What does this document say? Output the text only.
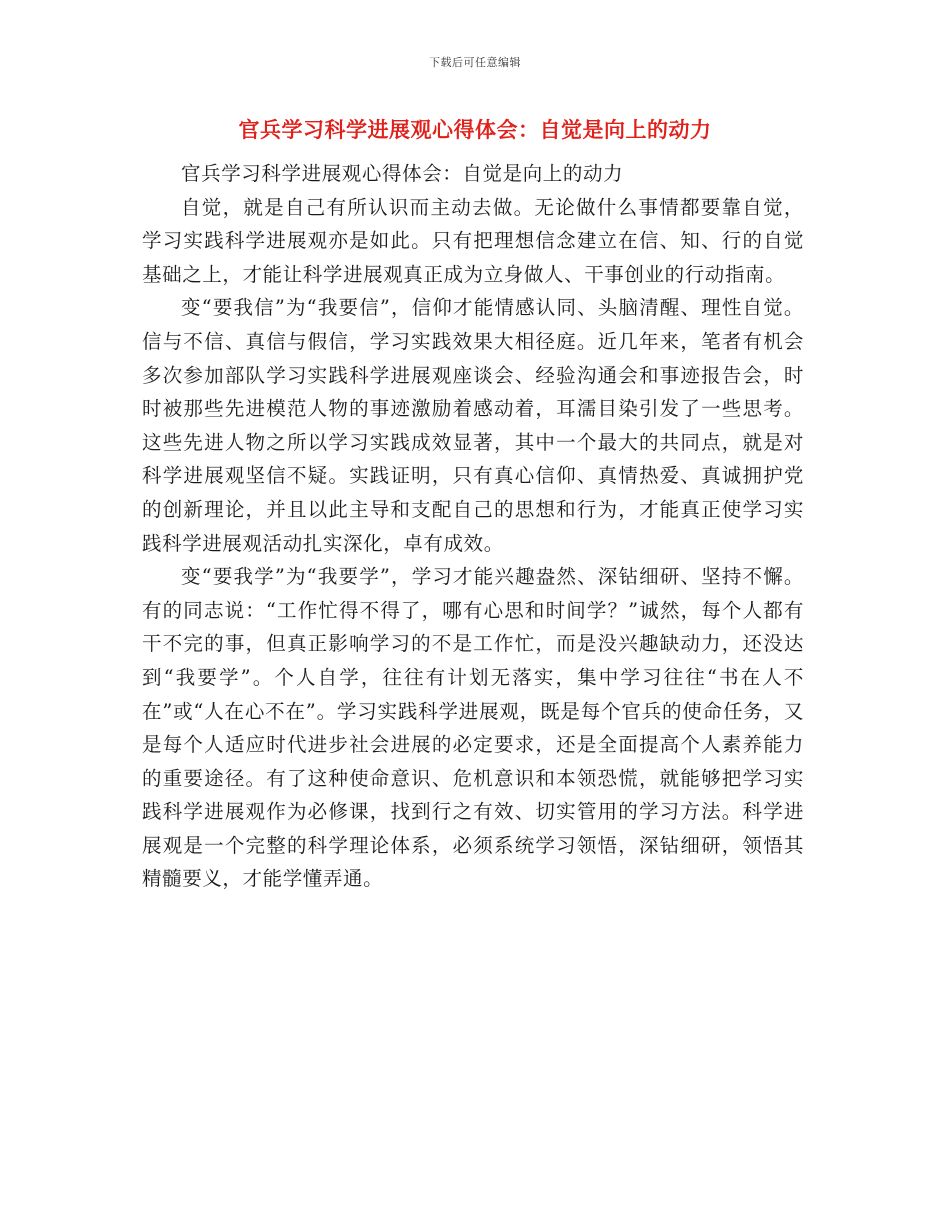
下载后可任意编辑
官兵学习科学进展观心得体会：自觉是向上的动力

官兵学习科学进展观心得体会：自觉是向上的动力

自觉，就是自己有所认识而主动去做。无论做什么事情都要靠自觉，学习实践科学进展观亦是如此。只有把理想信念建立在信、知、行的自觉基础之上，才能让科学进展观真正成为立身做人、干事创业的行动指南。

变“要我信”为“我要信”，信仰才能情感认同、头脑清醒、理性自觉。信与不信、真信与假信，学习实践效果大相径庭。近几年来，笔者有机会多次参加部队学习实践科学进展观座谈会、经验沟通会和事迹报告会，时时被那些先进模范人物的事迹激励着感动着，耳濡目染引发了一些思考。这些先进人物之所以学习实践成效显著，其中一个最大的共同点，就是对科学进展观坚信不疑。实践证明，只有真心信仰、真情热爱、真诚拥护党的创新理论，并且以此主导和支配自己的思想和行为，才能真正使学习实践科学进展观活动扎实深化，卓有成效。

变“要我学”为“我要学”，学习才能兴趣盎然、深钻细研、坚持不懈。有的同志说：“工作忙得不得了，哪有心思和时间学？”诚然，每个人都有干不完的事，但真正影响学习的不是工作忙，而是没兴趣缺动力，还没达到“我要学”。个人自学，往往有计划无落实，集中学习往往“书在人不在”或“人在心不在”。学习实践科学进展观，既是每个官兵的使命任务，又是每个人适应时代进步社会进展的必定要求，还是全面提高个人素养能力的重要途径。有了这种使命意识、危机意识和本领恐慌，就能够把学习实践科学进展观作为必修课，找到行之有效、切实管用的学习方法。科学进展观是一个完整的科学理论体系，必须系统学习领悟，深钻细研，领悟其精髓要义，才能学懂弄通。
